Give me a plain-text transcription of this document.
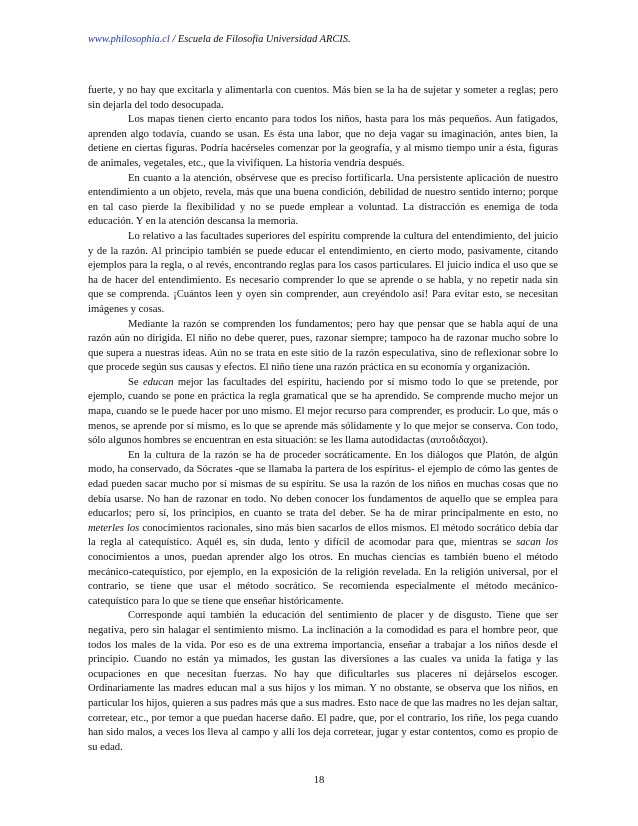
www.philosophia.cl / Escuela de Filosofía Universidad ARCIS.

fuerte, y no hay que excitarla y alimentarla con cuentos. Más bien se la ha de sujetar y someter a reglas; pero sin dejarla del todo desocupada.

Los mapas tienen cierto encanto para todos los niños, hasta para los más pequeños. Aun fatigados, aprenden algo todavía, cuando se usan. Es ésta una labor, que no deja vagar su imaginación, antes bien, la detiene en ciertas figuras. Podría hacérseles comenzar por la geografía, y al mismo tiempo unir a ésta, figuras de animales, vegetales, etc., que la vivifiquen. La historia vendría después.

En cuanto a la atención, obsérvese que es preciso fortificarla. Una persistente aplicación de nuestro entendimiento a un objeto, revela, más que una buena condición, debilidad de nuestro sentido interno; porque en tal caso pierde la flexibilidad y no se puede emplear a voluntad. La distracción es enemiga de toda educación. Y en la atención descansa la memoria.

Lo relativo a las facultades superiores del espíritu comprende la cultura del entendimiento, del juicio y de la razón. Al principio también se puede educar el entendimiento, en cierto modo, pasivamente, citando ejemplos para la regla, o al revés, encontrando reglas para los casos particulares. El juicio indica el uso que se ha de hacer del entendimiento. Es necesario comprender lo que se aprende o se habla, y no repetir nada sin que se comprenda. ¡Cuántos leen y oyen sin comprender, aun creyéndolo así! Para evitar esto, se necesitan imágenes y cosas.

Mediante la razón se comprenden los fundamentos; pero hay que pensar que se habla aquí de una razón aún no dirigida. El niño no debe querer, pues, razonar siempre; tampoco ha de razonar mucho sobre lo que supera a nuestras ideas. Aún no se trata en este sitio de la razón especulativa, sino de reflexionar sobre lo que procede según sus causas y efectos. El niño tiene una razón práctica en su economía y organización.

Se educan mejor las facultades del espíritu, haciendo por sí mismo todo lo que se pretende, por ejemplo, cuando se pone en práctica la regla gramatical que se ha aprendido. Se comprende mucho mejor un mapa, cuando se le puede hacer por uno mismo. El mejor recurso para comprender, es producir. Lo que, más o menos, se aprende por sí mismo, es lo que se aprende más sólidamente y lo que mejor se conserva. Con todo, sólo algunos hombres se encuentran en esta situación: se les llama autodidactas (αυτοδιδαχοι).

En la cultura de la razón se ha de proceder socráticamente. En los diálogos que Platón, de algún modo, ha conservado, da Sócrates -que se llamaba la partera de los espíritus- el ejemplo de cómo las gentes de edad pueden sacar mucho por sí mismas de su espíritu. Se usa la razón de los niños en muchas cosas que no debía usarse. No han de razonar en todo. No deben conocer los fundamentos de aquello que se emplea para educarlos; pero sí, los principios, en cuanto se trata del deber. Se ha de mirar principalmente en esto, no meterles los conocimientos racionales, sino más bien sacarlos de ellos mismos. El método socrático debía dar la regla al catequístico. Aquél es, sin duda, lento y difícil de acomodar para que, mientras se sacan los conocimientos a unos, puedan aprender algo los otros. En muchas ciencias es también bueno el método mecánico-catequístico, por ejemplo, en la exposición de la religión revelada. En la religión universal, por el contrario, se tiene que usar el método socrático. Se recomienda especialmente el método mecánico-catequístico para lo que se tiene que enseñar históricamente.

Corresponde aquí también la educación del sentimiento de placer y de disgusto. Tiene que ser negativa, pero sin halagar el sentimiento mismo. La inclinación a la comodidad es para el hombre peor, que todos los males de la vida. Por eso es de una extrema importancia, enseñar a trabajar a los niños desde el principio. Cuando no están ya mimados, les gustan las diversiones a las cuales va unida la fatiga y las ocupaciones en que necesitan fuerzas. No hay que dificultarles sus placeres ni dejárselos escoger. Ordinariamente las madres educan mal a sus hijos y los miman. Y no obstante, se observa que los niños, en particular los hijos, quieren a sus padres más que a sus madres. Esto nace de que las madres no les dejan saltar, corretear, etc., por temor a que puedan hacerse daño. El padre, que, por el contrario, los riñe, los pega cuando han sido malos, a veces los lleva al campo y allí los deja corretear, jugar y estar contentos, como es propio de su edad.

18
